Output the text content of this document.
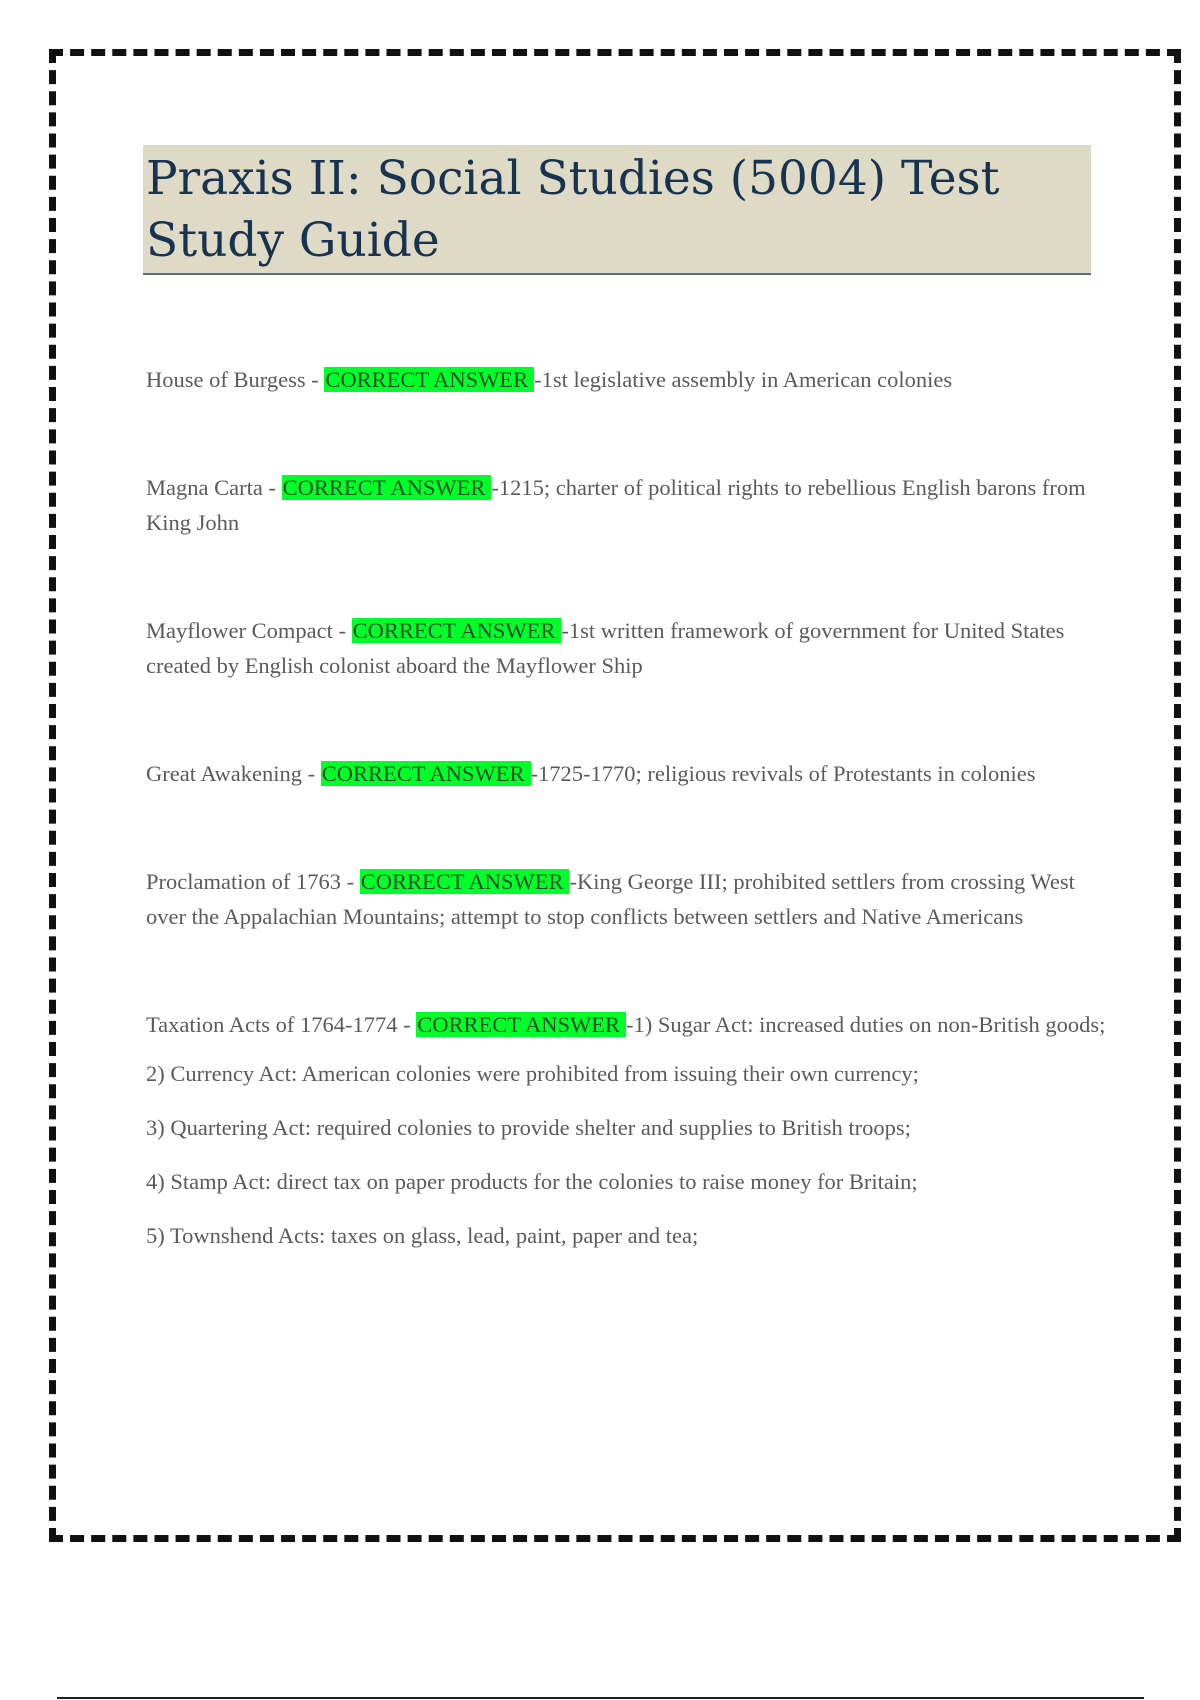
Praxis II: Social Studies (5004) Test Study Guide

House of Burgess - CORRECT ANSWER -1st legislative assembly in American colonies

Magna Carta - CORRECT ANSWER -1215; charter of political rights to rebellious English barons from King John

Mayflower Compact - CORRECT ANSWER -1st written framework of government for United States created by English colonist aboard the Mayflower Ship

Great Awakening - CORRECT ANSWER -1725-1770; religious revivals of Protestants in colonies

Proclamation of 1763 - CORRECT ANSWER -King George III; prohibited settlers from crossing West over the Appalachian Mountains; attempt to stop conflicts between settlers and Native Americans

Taxation Acts of 1764-1774 - CORRECT ANSWER -1) Sugar Act: increased duties on non-British goods;

2) Currency Act: American colonies were prohibited from issuing their own currency;
3) Quartering Act: required colonies to provide shelter and supplies to British troops;
4) Stamp Act: direct tax on paper products for the colonies to raise money for Britain;
5) Townshend Acts: taxes on glass, lead, paint, paper and tea;
